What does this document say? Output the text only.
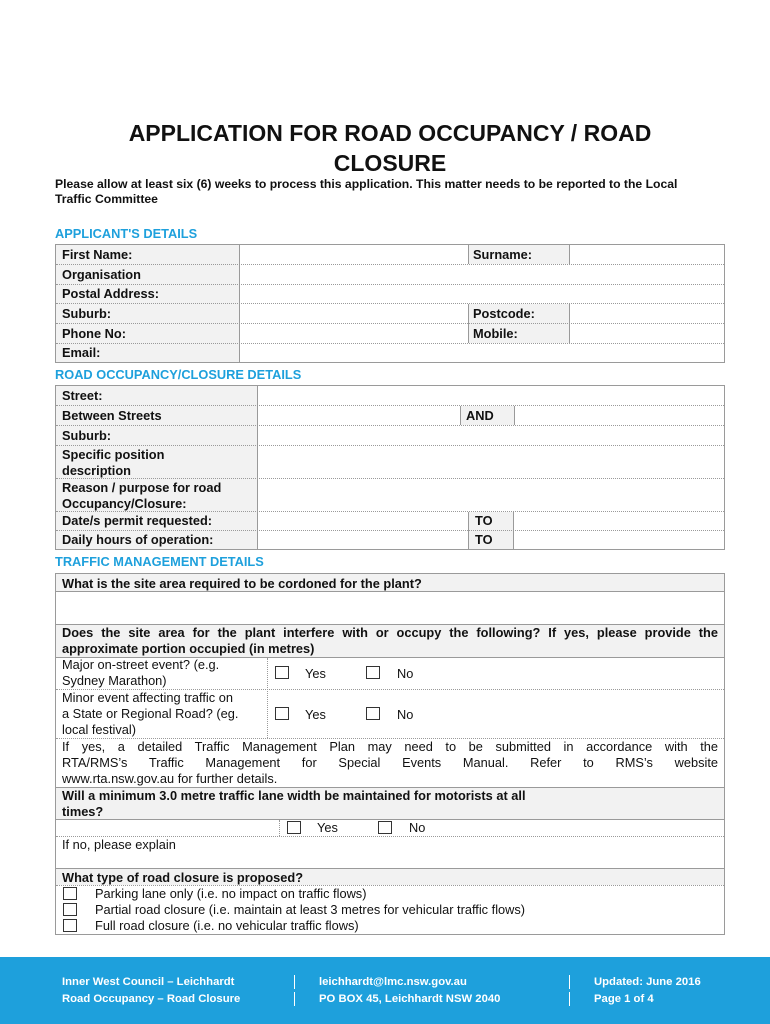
APPLICATION FOR ROAD OCCUPANCY / ROAD
CLOSURE
Please allow at least six (6) weeks to process this application. This matter needs to be reported to the Local
Traffic Committee
APPLICANT'S DETAILS
First Name:	Surname:
Organisation
Postal Address:
Suburb:	Postcode:
Phone No:	Mobile:
Email:
ROAD OCCUPANCY/CLOSURE DETAILS
Street:
Between Streets	AND
Suburb:
Specific position
description
Reason / purpose for road
Occupancy/Closure:
Date/s permit requested:	TO
Daily hours of operation:	TO
TRAFFIC MANAGEMENT DETAILS
What is the site area required to be cordoned for the plant?
Does the site area for the plant interfere with or occupy the following? If yes, please provide the
approximate portion occupied (in metres)
Major on-street event? (e.g.
Sydney Marathon)	Yes	No
Minor event affecting traffic on
a State or Regional Road? (eg.
local festival)
Yes	No
If yes, a detailed Traffic Management Plan may need to be submitted in accordance with the
RTA/RMS’s Traffic Management for Special Events Manual. Refer to RMS’s website
www.rta.nsw.gov.au for further details.
Will a minimum 3.0 metre traffic lane width be maintained for motorists at all
times?
Yes	No
If no, please explain
What type of road closure is proposed?
Parking lane only (i.e. no impact on traffic flows)
Partial road closure (i.e. maintain at least 3 metres for vehicular traffic flows)
Full road closure (i.e. no vehicular traffic flows)
Inner West Council – Leichhardt
Road Occupancy – Road Closure
leichhardt@lmc.nsw.gov.au
PO BOX 45, Leichhardt NSW 2040
Updated: June 2016
Page 1 of 4
